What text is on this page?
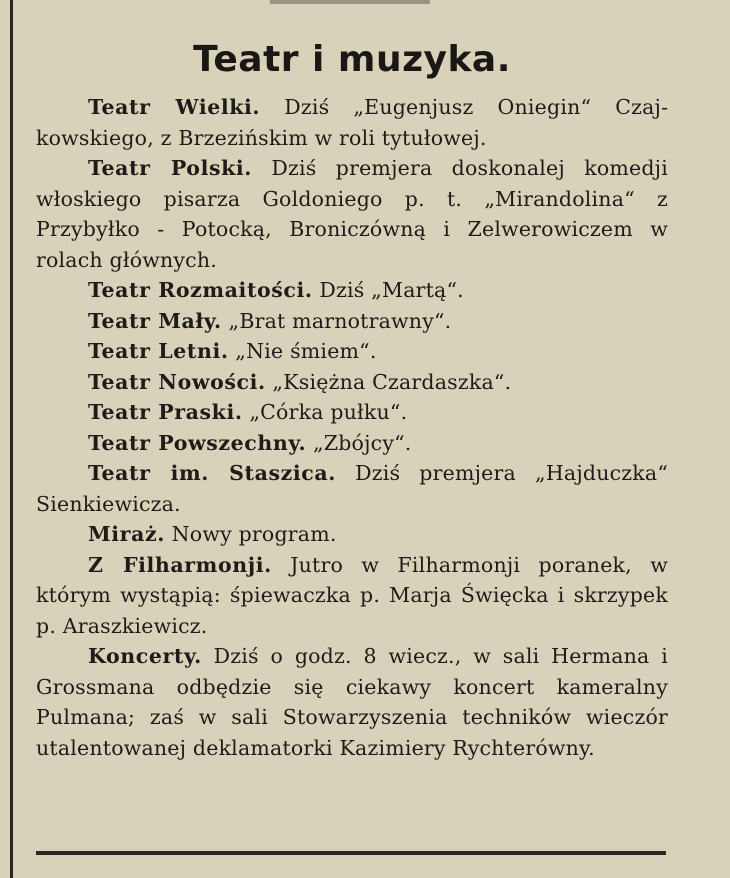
Teatr i muzyka.

Teatr Wielki. Dziś „Eugenjusz Oniegin“ Czajkowskiego, z Brzezińskim w roli tytułowej.

Teatr Polski. Dziś premjera doskonalej komedji włoskiego pisarza Goldoniego p. t. „Mirandolina“ z Przybyłko - Potocką, Broniczówną i Zelwerowiczem w rolach głównych.

Teatr Rozmaitości. Dziś „Martą“.

Teatr Mały. „Brat marnotrawny“.

Teatr Letni. „Nie śmiem“.

Teatr Nowości. „Księżna Czardaszka“.

Teatr Praski. „Córka pułku“.

Teatr Powszechny. „Zbójcy“.

Teatr im. Staszica. Dziś premjera „Hajduczka“ Sienkiewicza.

Miraż. Nowy program.

Z Filharmonji. Jutro w Filharmonji poranek, w którym wystąpią: śpiewaczka p. Marja Święcka i skrzypek p. Araszkiewicz.

Koncerty. Dziś o godz. 8 wiecz., w sali Hermana i Grossmana odbędzie się ciekawy koncert kameralny Pulmana; zaś w sali Stowarzyszenia techników wieczór utalentowanej deklamatorki Kazimiery Rychterówny.
